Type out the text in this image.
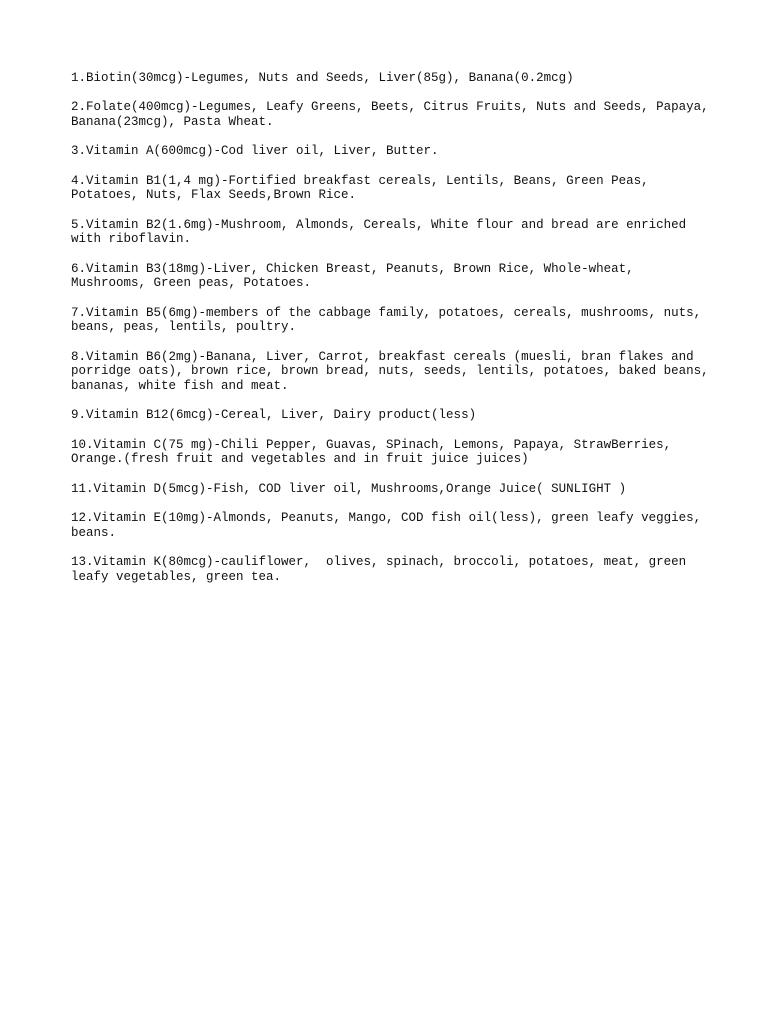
1.Biotin(30mcg)-Legumes, Nuts and Seeds, Liver(85g), Banana(0.2mcg)

2.Folate(400mcg)-Legumes, Leafy Greens, Beets, Citrus Fruits, Nuts and Seeds, Papaya, Banana(23mcg), Pasta Wheat.

3.Vitamin A(600mcg)-Cod liver oil, Liver, Butter.

4.Vitamin B1(1,4 mg)-Fortified breakfast cereals, Lentils, Beans, Green Peas, Potatoes, Nuts, Flax Seeds,Brown Rice.

5.Vitamin B2(1.6mg)-Mushroom, Almonds, Cereals, White flour and bread are enriched with riboflavin.

6.Vitamin B3(18mg)-Liver, Chicken Breast, Peanuts, Brown Rice, Whole-wheat, Mushrooms, Green peas, Potatoes.

7.Vitamin B5(6mg)-members of the cabbage family, potatoes, cereals, mushrooms, nuts, beans, peas, lentils, poultry.

8.Vitamin B6(2mg)-Banana, Liver, Carrot, breakfast cereals (muesli, bran flakes and porridge oats), brown rice, brown bread, nuts, seeds, lentils, potatoes, baked beans, bananas, white fish and meat.

9.Vitamin B12(6mcg)-Cereal, Liver, Dairy product(less)

10.Vitamin C(75 mg)-Chili Pepper, Guavas, SPinach, Lemons, Papaya, StrawBerries, Orange.(fresh fruit and vegetables and in fruit juice juices)

11.Vitamin D(5mcg)-Fish, COD liver oil, Mushrooms,Orange Juice( SUNLIGHT )

12.Vitamin E(10mg)-Almonds, Peanuts, Mango, COD fish oil(less), green leafy veggies, beans.

13.Vitamin K(80mcg)-cauliflower,  olives, spinach, broccoli, potatoes, meat, green leafy vegetables, green tea.
